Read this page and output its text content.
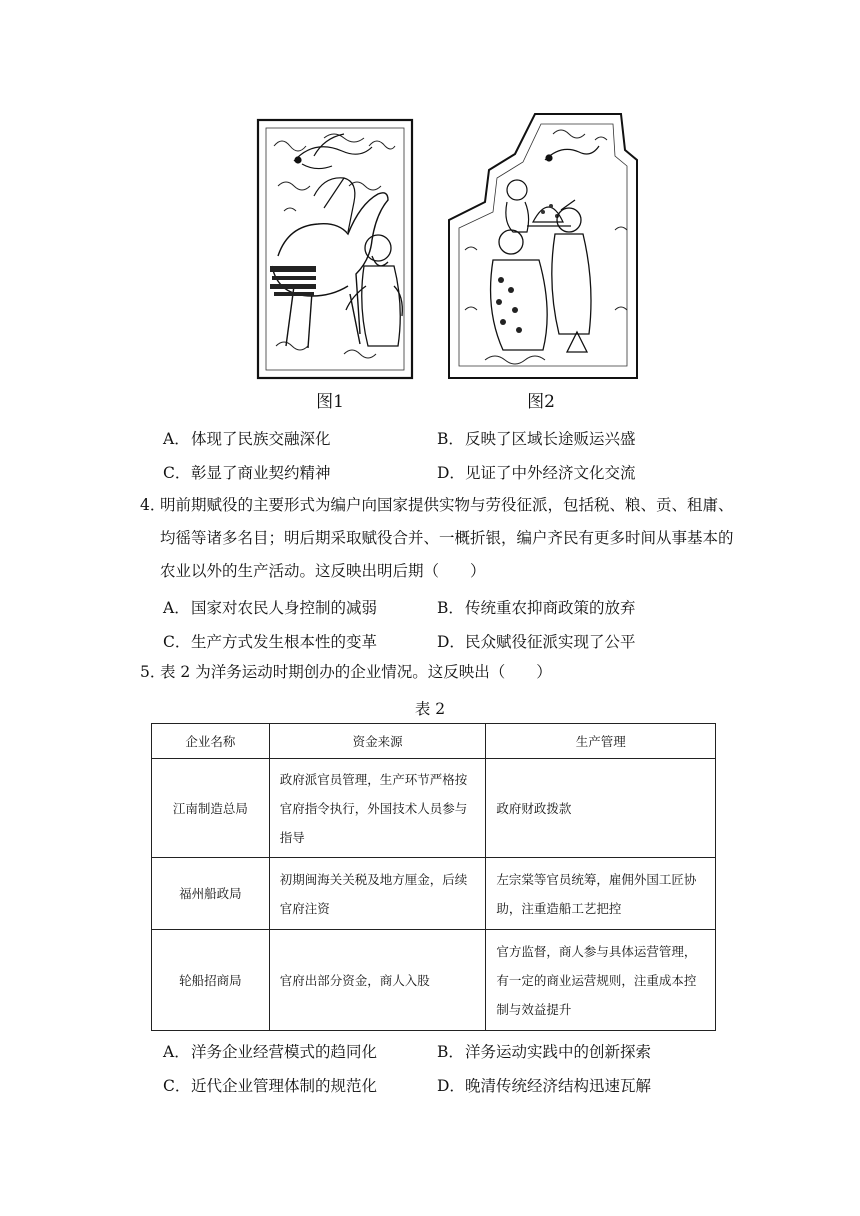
图1	图2
A．体现了民族交融深化	B．反映了区域长途贩运兴盛
C．彰显了商业契约精神	D．见证了中外经济文化交流
4．
明前期赋役的主要形式为编户向国家提供实物与劳役征派，包括税、粮、贡、租庸、均徭等诸多名目；明后期采取赋役合并、一概折银，编户齐民有更多时间从事基本的农业以外的生产活动。这反映出明后期（　　）
A．国家对农民人身控制的减弱	B．传统重农抑商政策的放弃
C．生产方式发生根本性的变革	D．民众赋役征派实现了公平
5．
表 2 为洋务运动时期创办的企业情况。这反映出（　　）
表 2
企业名称	资金来源	生产管理
江南制造总局	政府派官员管理，生产环节严格按官府指令执行，外国技术人员参与指导	政府财政拨款
福州船政局	初期闽海关关税及地方厘金，后续官府注资	左宗棠等官员统筹，雇佣外国工匠协助，注重造船工艺把控
轮船招商局	官府出部分资金，商人入股	官方监督，商人参与具体运营管理，有一定的商业运营规则，注重成本控制与效益提升
A．洋务企业经营模式的趋同化	B．洋务运动实践中的创新探索
C．近代企业管理体制的规范化	D．晚清传统经济结构迅速瓦解
